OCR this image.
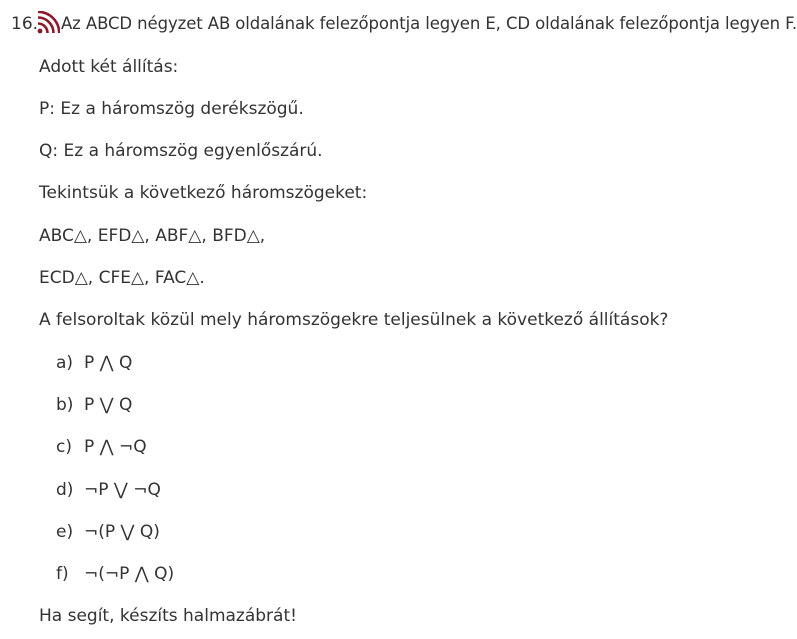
16. Az ABCD négyzet AB oldalának felezőpontja legyen E, CD oldalának felezőpontja legyen F.
Adott két állítás:
P: Ez a háromszög derékszögű.
Q: Ez a háromszög egyenlőszárú.
Tekintsük a következő háromszögeket:
ABC△, EFD△, ABF△, BFD△,
ECD△, CFE△, FAC△.
A felsoroltak közül mely háromszögekre teljesülnek a következő állítások?
a) P ⋀ Q
b) P ⋁ Q
c) P ⋀ ¬Q
d) ¬P ⋁ ¬Q
e) ¬(P ⋁ Q)
f) ¬(¬P ⋀ Q)
Ha segít, készíts halmazábrát!
